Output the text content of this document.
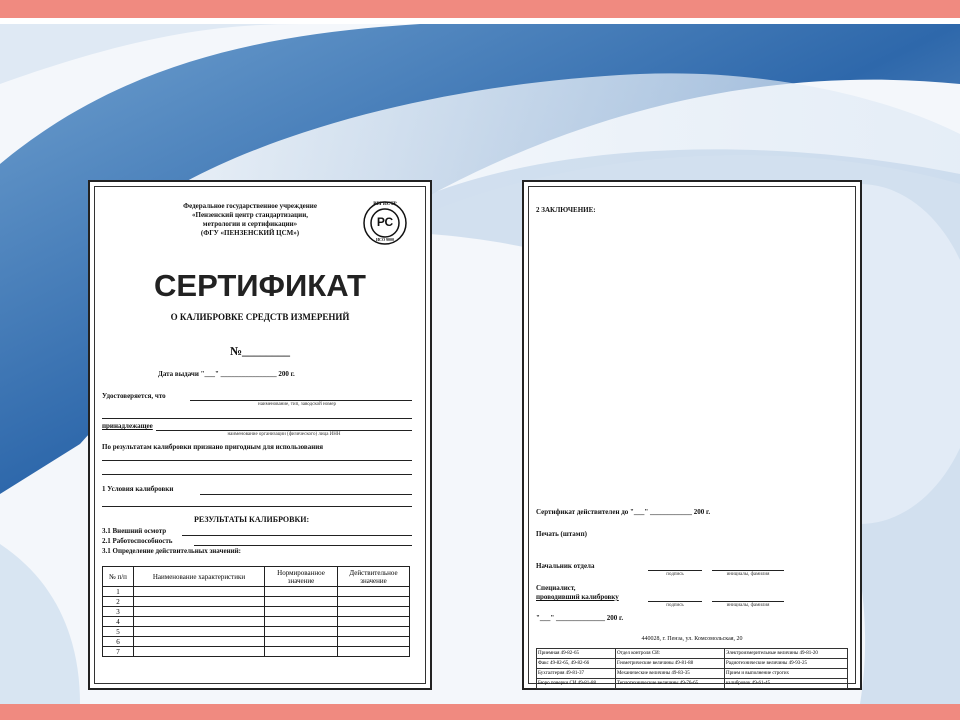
Федеральное государственное учреждение
«Пензенский центр стандартизации,
метрологии и сертификации»
(ФГУ «ПЕНЗЕНСКИЙ ЦСМ»)
РЕГИСТР
РС
ИСО 9000
СЕРТИФИКАТ
О КАЛИБРОВКЕ СРЕДСТВ ИЗМЕРЕНИЙ
№________
Дата выдачи "___" ________________ 200 г.
Удостоверяется, что
наименование, тип, заводской номер
принадлежащее
наименование организации (физического) лица ИНН
По результатам калибровки признано пригодным для использования
1 Условия калибровки
РЕЗУЛЬТАТЫ КАЛИБРОВКИ:
3.1 Внешний осмотр
2.1 Работоспособность
3.1 Определение действительных значений:
№ п/п	Наименование характеристики	Нормированное значение	Действительное значение
1			
2			
3			
4			
5			
6			
7			
2 ЗАКЛЮЧЕНИЕ:
Сертификат действителен до "___" ____________ 200 г.
Печать (штамп)
Начальник отдела
подпись	инициалы, фамилия
Специалист,
проводивший калибровку
подпись	инициалы, фамилия
"___" ______________ 200 г.
440028, г. Пенза, ул. Комсомольская, 20
Приемная 49-82-65	Отдел контроля СИ:	Электроизмерительные величины 49-81-20
Факс 49-82-65, 49-82-66	Геометрические величины 49-81-88	Радиотехнические величины 49-93-25
Бухгалтерия 49-81-37	Механические величины 49-83-35	Прием и выполнение строгих
Бюро поверки СИ 49-81-88	Теплотехнические величины 49-76-65	калибровок 49-61-45
